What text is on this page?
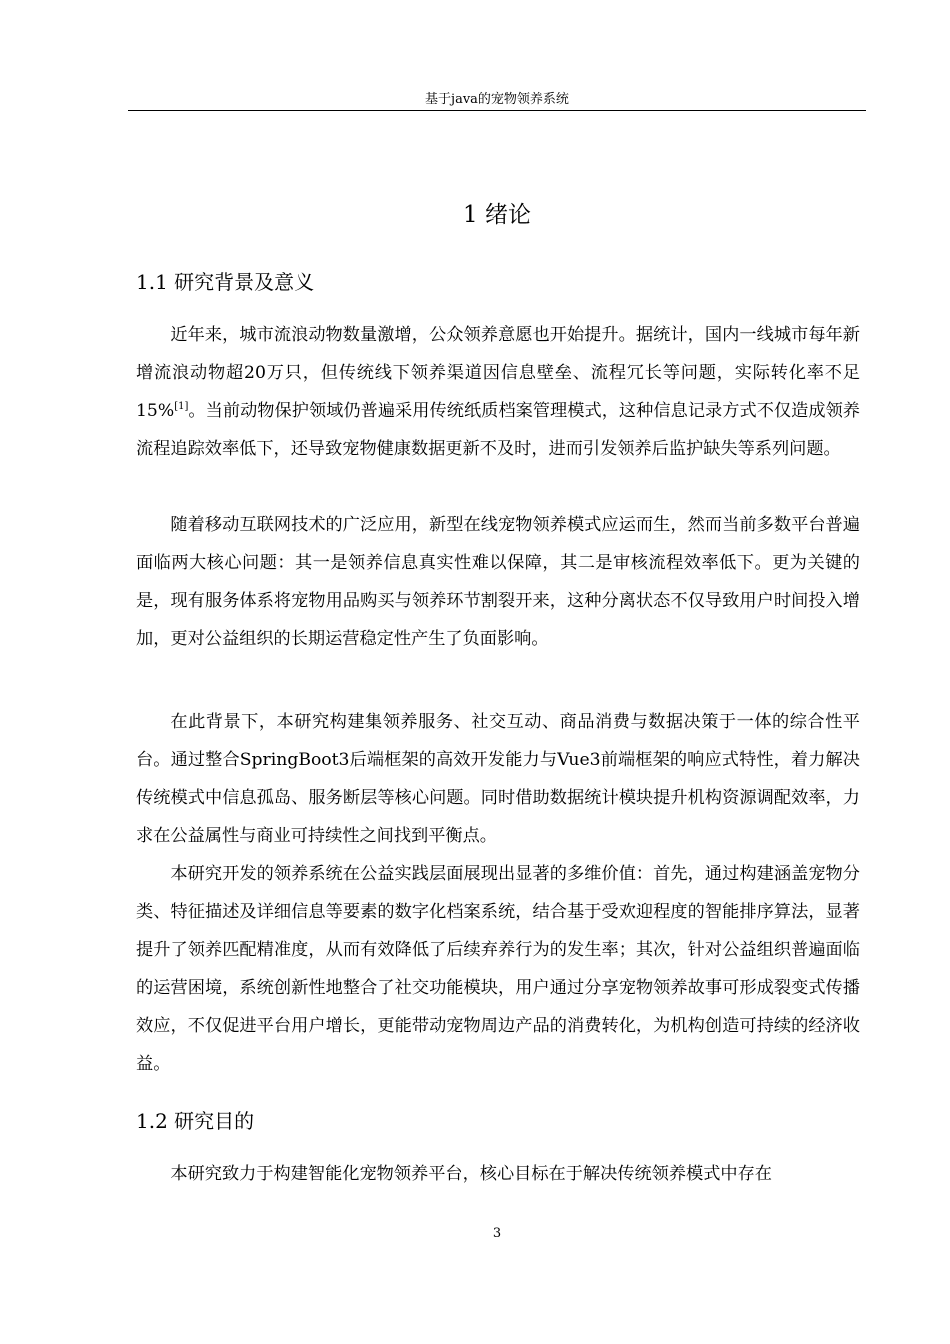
基于java的宠物领养系统
1 绪论
1.1 研究背景及意义

近年来，城市流浪动物数量激增，公众领养意愿也开始提升。据统计，国内一线城市每年新增流浪动物超20万只，但传统线下领养渠道因信息壁垒、流程冗长等问题，实际转化率不足15%[1]。当前动物保护领域仍普遍采用传统纸质档案管理模式，这种信息记录方式不仅造成领养流程追踪效率低下，还导致宠物健康数据更新不及时，进而引发领养后监护缺失等系列问题。

随着移动互联网技术的广泛应用，新型在线宠物领养模式应运而生，然而当前多数平台普遍面临两大核心问题：其一是领养信息真实性难以保障，其二是审核流程效率低下。更为关键的是，现有服务体系将宠物用品购买与领养环节割裂开来，这种分离状态不仅导致用户时间投入增加，更对公益组织的长期运营稳定性产生了负面影响。

在此背景下，本研究构建集领养服务、社交互动、商品消费与数据决策于一体的综合性平台。通过整合SpringBoot3后端框架的高效开发能力与Vue3前端框架的响应式特性，着力解决传统模式中信息孤岛、服务断层等核心问题。同时借助数据统计模块提升机构资源调配效率，力求在公益属性与商业可持续性之间找到平衡点。

本研究开发的领养系统在公益实践层面展现出显著的多维价值：首先，通过构建涵盖宠物分类、特征描述及详细信息等要素的数字化档案系统，结合基于受欢迎程度的智能排序算法，显著提升了领养匹配精准度，从而有效降低了后续弃养行为的发生率；其次，针对公益组织普遍面临的运营困境，系统创新性地整合了社交功能模块，用户通过分享宠物领养故事可形成裂变式传播效应，不仅促进平台用户增长，更能带动宠物周边产品的消费转化，为机构创造可持续的经济收益。

1.2 研究目的

本研究致力于构建智能化宠物领养平台，核心目标在于解决传统领养模式中存在

3
